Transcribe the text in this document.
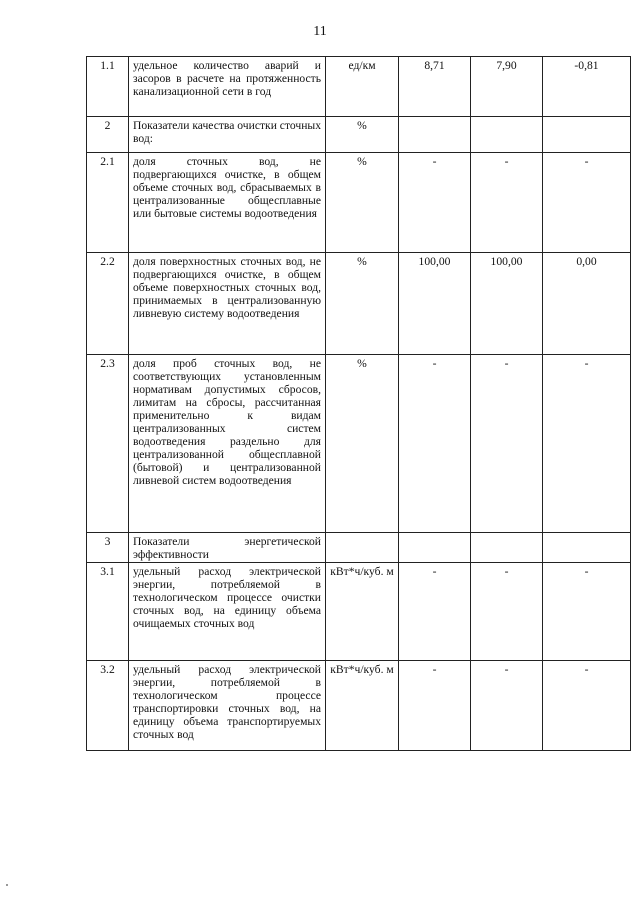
11
1.1	удельное количество аварий и засоров в расчете на протяженность канализационной сети в год	ед/км	8,71	7,90	-0,81
2	Показатели качества очистки сточных вод:	%			
2.1	доля сточных вод, не подвергающихся очистке, в общем объеме сточных вод, сбрасываемых в централизованные общесплавные или бытовые системы водоотведения	%	-	-	-
2.2	доля поверхностных сточных вод, не подвергающихся очистке, в общем объеме поверхностных сточных вод, принимаемых в централизованную ливневую систему водоотведения	%	100,00	100,00	0,00
2.3	доля проб сточных вод, не соответствующих установленным нормативам допустимых сбросов, лимитам на сбросы, рассчитанная применительно к видам централизованных систем водоотведения раздельно для централизованной общесплавной (бытовой) и централизованной ливневой систем водоотведения	%	-	-	-
3	Показатели энергетической эффективности				
3.1	удельный расход электрической энергии, потребляемой в технологическом процессе очистки сточных вод, на единицу объема очищаемых сточных вод	кВт*ч/куб. м	-	-	-
3.2	удельный расход электрической энергии, потребляемой в технологическом процессе транспортировки сточных вод, на единицу объема транспортируемых сточных вод	кВт*ч/куб. м	-	-	-
